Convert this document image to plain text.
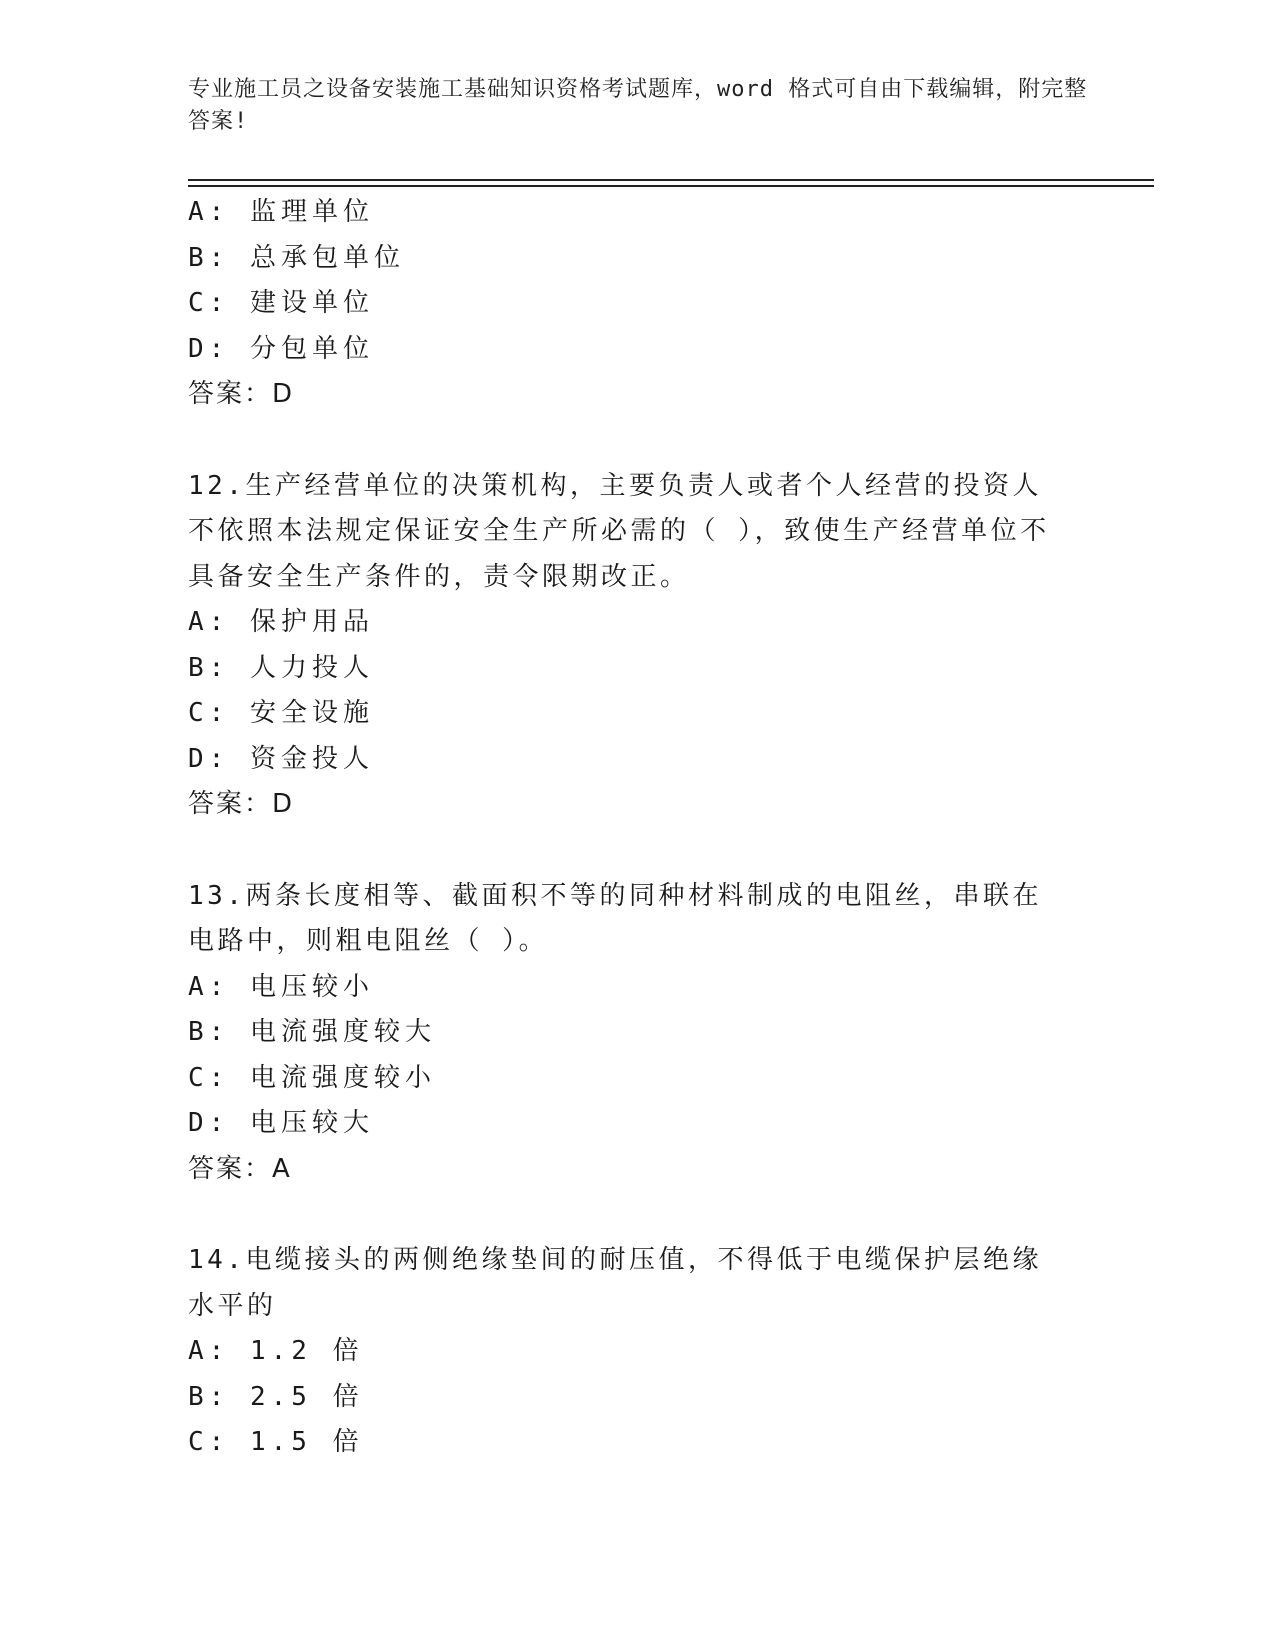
专业施工员之设备安装施工基础知识资格考试题库，word 格式可自由下载编辑，附完整答案!
A: 监理单位
B: 总承包单位
C: 建设单位
D: 分包单位
答案：D
12.生产经营单位的决策机构，主要负责人或者个人经营的投资人不依照本法规定保证安全生产所必需的（ ），致使生产经营单位不具备安全生产条件的，责令限期改正。
A: 保护用品
B: 人力投人
C: 安全设施
D: 资金投人
答案：D
13.两条长度相等、截面积不等的同种材料制成的电阻丝，串联在电路中，则粗电阻丝（ ）。
A: 电压较小
B: 电流强度较大
C: 电流强度较小
D: 电压较大
答案：A
14.电缆接头的两侧绝缘垫间的耐压值，不得低于电缆保护层绝缘水平的
A: 1.2 倍
B: 2.5 倍
C: 1.5 倍
